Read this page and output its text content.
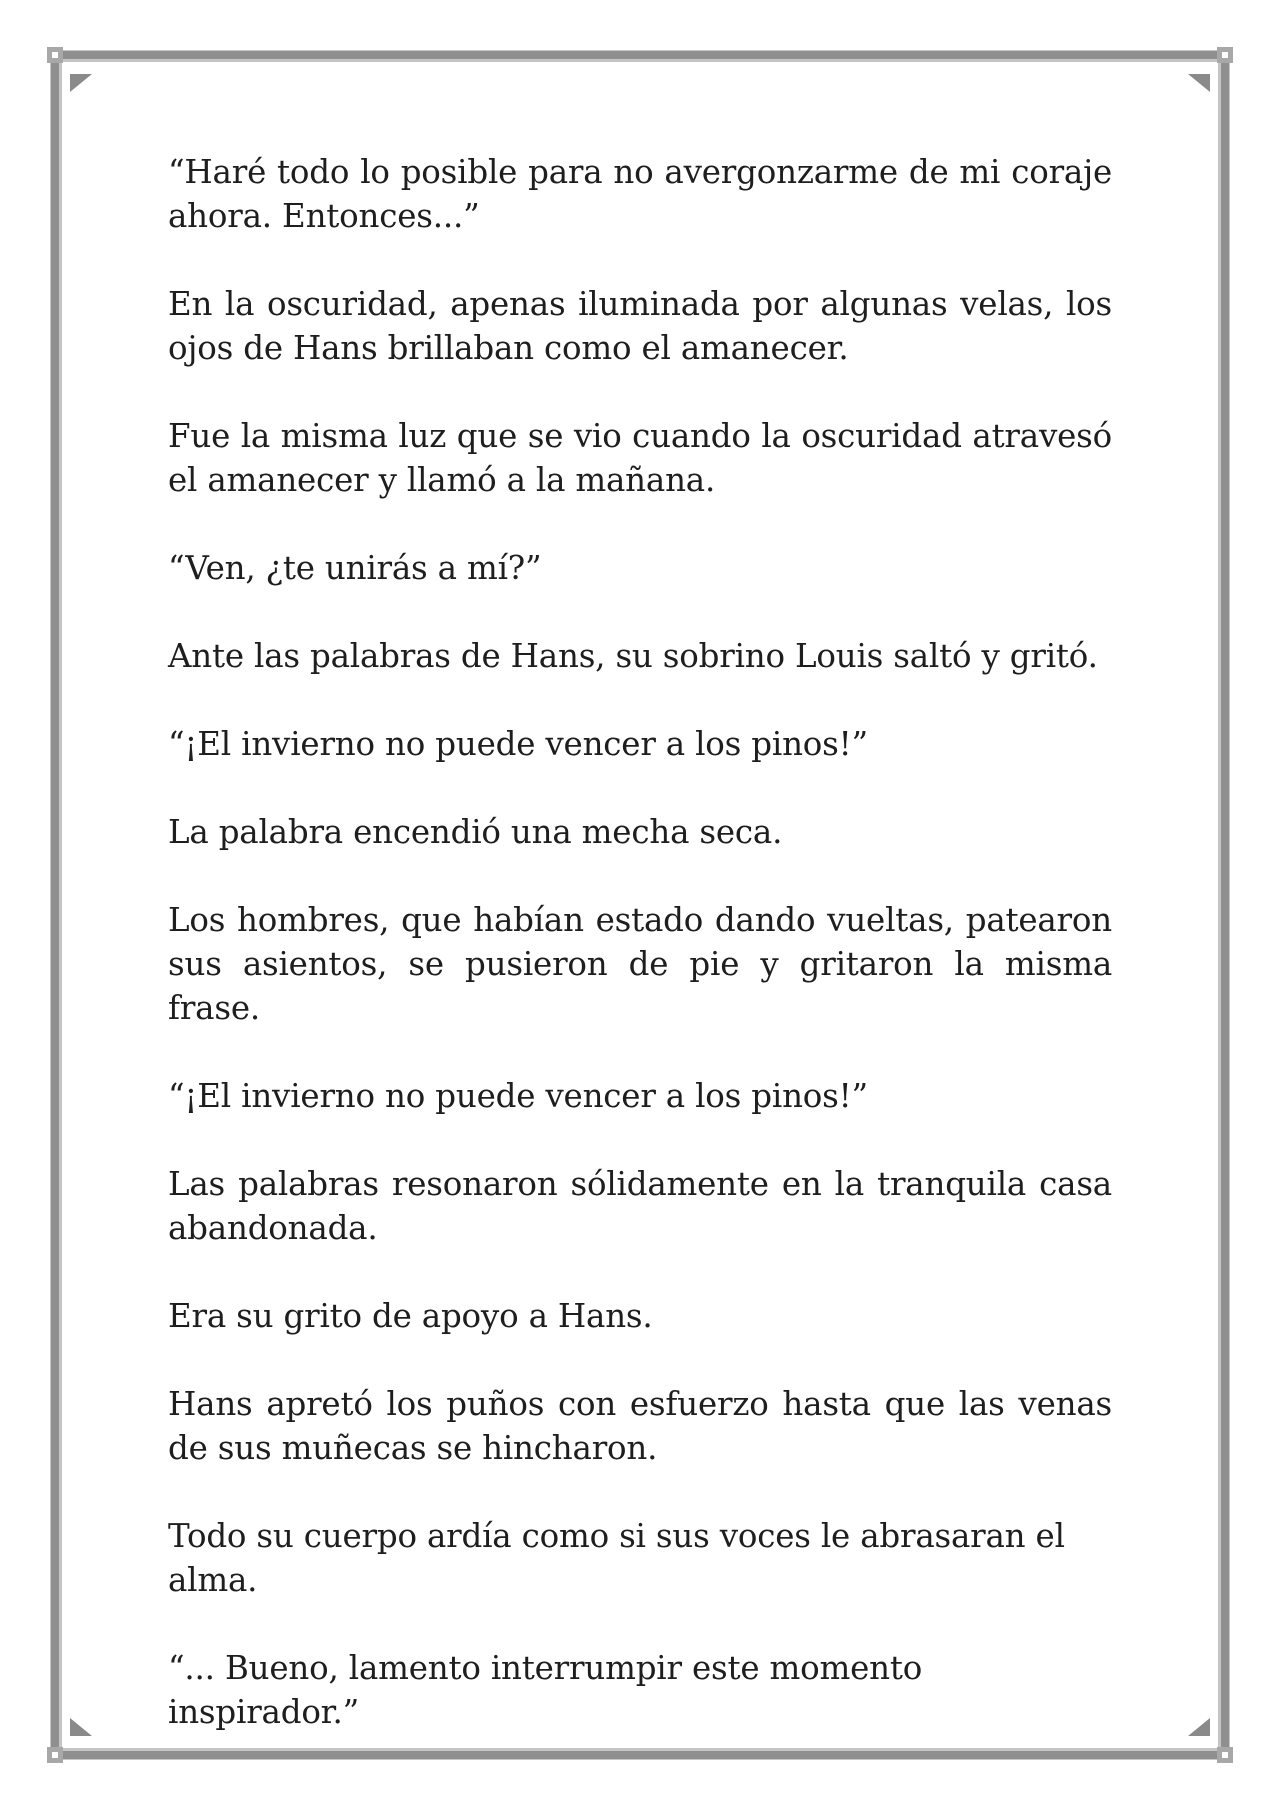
“Haré todo lo posible para no avergonzarme de mi coraje ahora. Entonces...”

En la oscuridad, apenas iluminada por algunas velas, los ojos de Hans brillaban como el amanecer.

Fue la misma luz que se vio cuando la oscuridad atravesó el amanecer y llamó a la mañana.

“Ven, ¿te unirás a mí?”

Ante las palabras de Hans, su sobrino Louis saltó y gritó.

“¡El invierno no puede vencer a los pinos!”

La palabra encendió una mecha seca.

Los hombres, que habían estado dando vueltas, patearon sus asientos, se pusieron de pie y gritaron la misma frase.

“¡El invierno no puede vencer a los pinos!”

Las palabras resonaron sólidamente en la tranquila casa abandonada.

Era su grito de apoyo a Hans.

Hans apretó los puños con esfuerzo hasta que las venas de sus muñecas se hincharon.

Todo su cuerpo ardía como si sus voces le abrasaran el alma.

“... Bueno, lamento interrumpir este momento inspirador.”
